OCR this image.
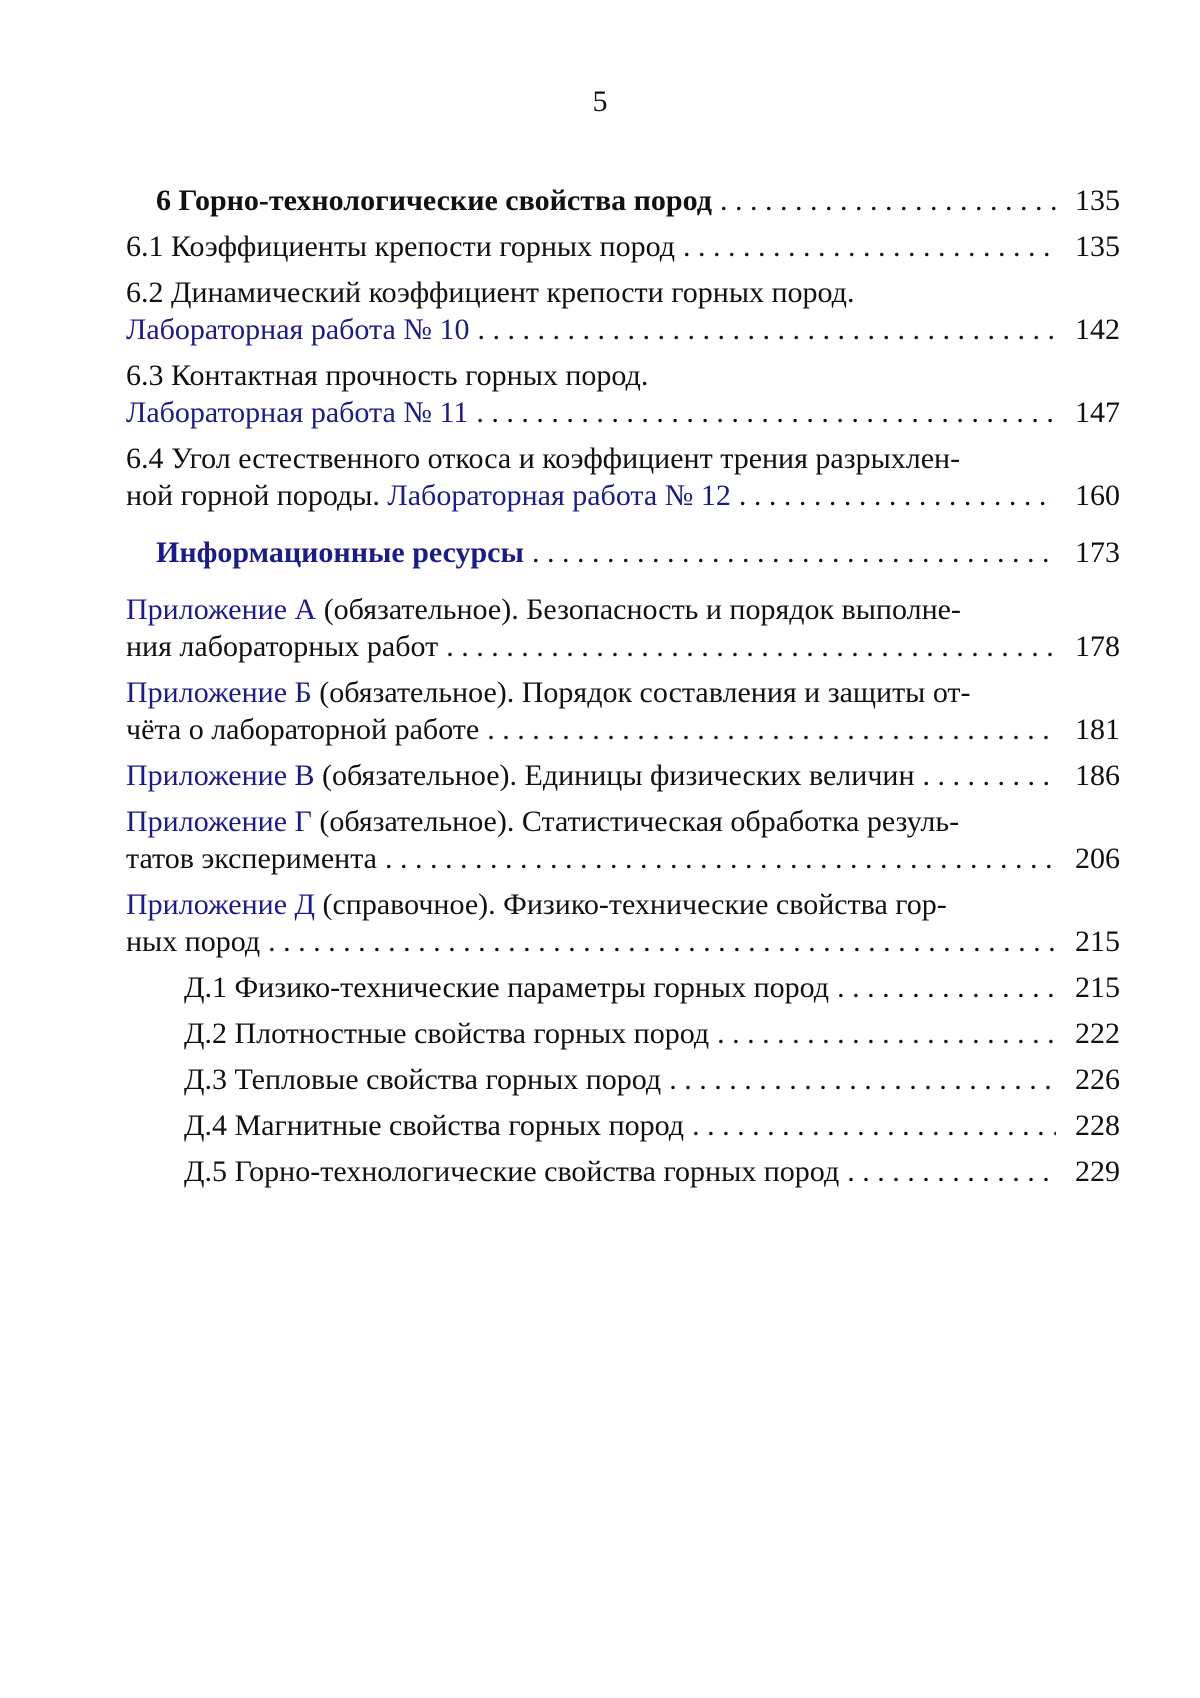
5
6 Горно-технологические свойства пород . . .	135
6.1 Коэффициенты крепости горных пород . . .	135
6.2 Динамический коэффициент крепости горных пород.
Лабораторная работа № 10 . . .	142
6.3 Контактная прочность горных пород.
Лабораторная работа № 11 . . .	147
6.4 Угол естественного откоса и коэффициент трения разрыхлен-
ной горной породы. Лабораторная работа № 12 . . .	160
Информационные ресурсы . . .	173
Приложение А (обязательное). Безопасность и порядок выполне-
ния лабораторных работ . . .	178
Приложение Б (обязательное). Порядок составления и защиты от-
чёта о лабораторной работе . . .	181
Приложение В (обязательное). Единицы физических величин . . .	186
Приложение Г (обязательное). Статистическая обработка резуль-
татов эксперимента . . .	206
Приложение Д (справочное). Физико-технические свойства гор-
ных пород . . .	215
Д.1 Физико-технические параметры горных пород . . .	215
Д.2 Плотностные свойства горных пород . . .	222
Д.3 Тепловые свойства горных пород . . .	226
Д.4 Магнитные свойства горных пород . . .	228
Д.5 Горно-технологические свойства горных пород . . .	229
